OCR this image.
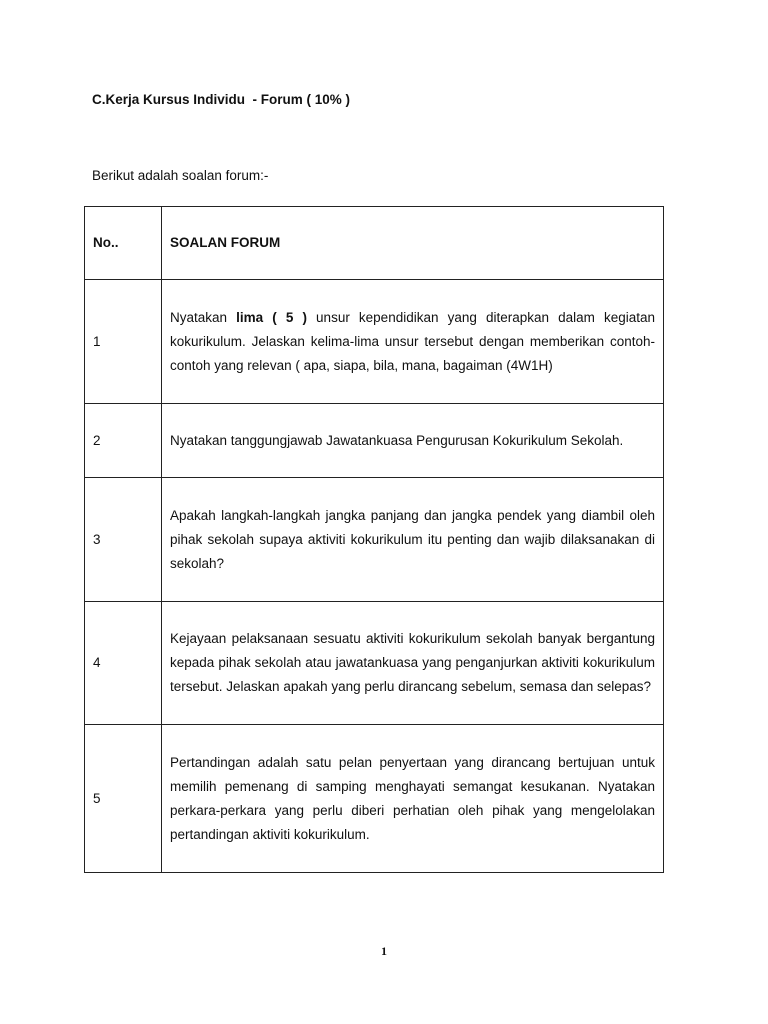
C.Kerja Kursus Individu  - Forum ( 10% )
Berikut adalah soalan forum:-
No..	SOALAN FORUM
1	Nyatakan lima ( 5 ) unsur kependidikan yang diterapkan dalam kegiatan kokurikulum. Jelaskan kelima-lima unsur tersebut dengan memberikan contoh-contoh yang relevan ( apa, siapa, bila, mana, bagaiman (4W1H)

2	Nyatakan tanggungjawab Jawatankuasa Pengurusan Kokurikulum Sekolah.

3	Apakah langkah-langkah jangka panjang dan jangka pendek yang diambil oleh pihak sekolah supaya aktiviti kokurikulum itu penting dan wajib dilaksanakan di sekolah?

4	Kejayaan pelaksanaan sesuatu aktiviti kokurikulum sekolah banyak bergantung kepada pihak sekolah atau jawatankuasa yang penganjurkan aktiviti kokurikulum tersebut. Jelaskan apakah yang perlu dirancang sebelum, semasa dan selepas?

5	Pertandingan adalah satu pelan penyertaan yang dirancang bertujuan untuk memilih pemenang di samping menghayati semangat kesukanan. Nyatakan perkara-perkara yang perlu diberi perhatian oleh pihak yang mengelolakan pertandingan aktiviti kokurikulum.
1
